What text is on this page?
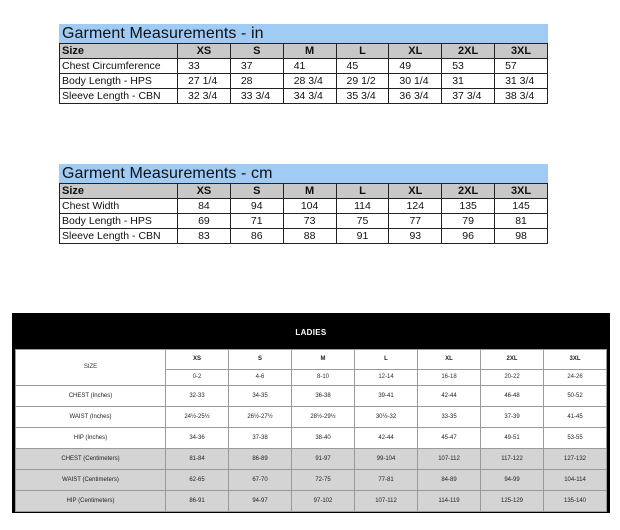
Garment Measurements - in
Size	XS	S	M	L	XL	2XL	3XL
Chest Circumference	33	37	41	45	49	53	57
Body Length - HPS	27 1/4	28	28 3/4	29 1/2	30 1/4	31	31 3/4
Sleeve Length - CBN	32 3/4	33 3/4	34 3/4	35 3/4	36 3/4	37 3/4	38 3/4
Garment Measurements - cm
Size	XS	S	M	L	XL	2XL	3XL
Chest Width	84	94	104	114	124	135	145
Body Length - HPS	69	71	73	75	77	79	81
Sleeve Length - CBN	83	86	88	91	93	96	98
LADIES							
SIZE	XS	S	M	L	XL	2XL	3XL
	0-2	4-6	8-10	12-14	16-18	20-22	24-26
CHEST (Inches)	32-33	34-35	36-38	39-41	42-44	46-48	50-52
WAIST (Inches)	24½-25½	26½-27½	28½-29½	30½-32	33-35	37-39	41-45
HIP (Inches)	34-36	37-38	38-40	42-44	45-47	49-51	53-55
CHEST (Centimeters)	81-84	86-89	91-97	99-104	107-112	117-122	127-132
WAIST (Centimeters)	62-65	67-70	72-75	77-81	84-89	94-99	104-114
HIP (Centimeters)	86-91	94-97	97-102	107-112	114-119	125-129	135-140
